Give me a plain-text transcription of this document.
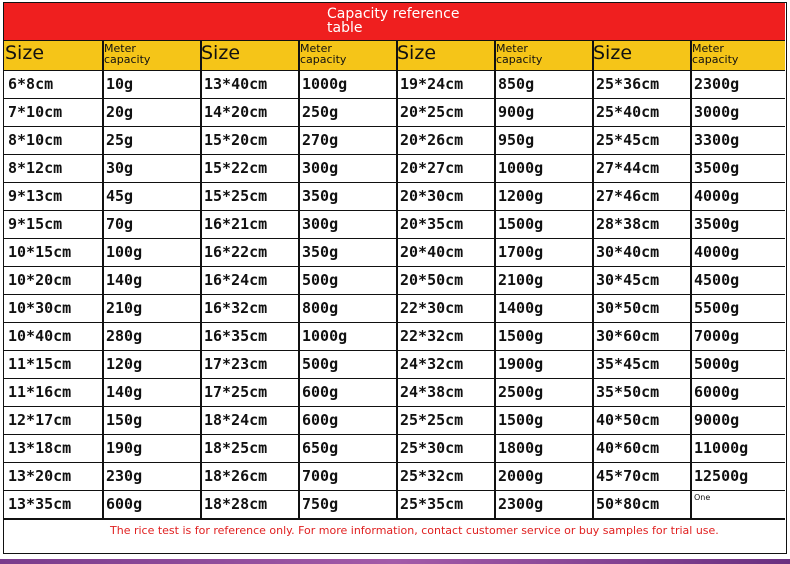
Capacity reference
table
Size	Meter
capacity	Size	Meter
capacity	Size	Meter
capacity	Size	Meter
capacity
6*8cm	10g	13*40cm 1000g	19*24cm 850g	25*36cm 2300g
7*10cm	20g	14*20cm 250g	20*25cm 900g	25*40cm 3000g
8*10cm	25g	15*20cm 270g	20*26cm 950g	25*45cm 3300g
8*12cm	30g	15*22cm 300g	20*27cm 1000g	27*44cm 3500g
9*13cm	45g	15*25cm 350g	20*30cm 1200g	27*46cm 4000g
9*15cm	70g	16*21cm 300g	20*35cm 1500g	28*38cm 3500g
10*15cm 100g	16*22cm 350g	20*40cm 1700g	30*40cm 4000g
10*20cm 140g	16*24cm 500g	20*50cm 2100g	30*45cm 4500g
10*30cm 210g	16*32cm 800g	22*30cm 1400g	30*50cm 5500g
10*40cm 280g	16*35cm 1000g	22*32cm 1500g	30*60cm 7000g
11*15cm 120g	17*23cm 500g	24*32cm 1900g	35*45cm 5000g
11*16cm 140g	17*25cm 600g	24*38cm 2500g	35*50cm 6000g
12*17cm 150g	18*24cm 600g	25*25cm 1500g	40*50cm 9000g
13*18cm 190g	18*25cm 650g	25*30cm 1800g	40*60cm 11000g
13*20cm 230g	18*26cm 700g	25*32cm 2000g	45*70cm 12500g
13*35cm 600g	18*28cm 750g	25*35cm 2300g	50*80cm	One
The rice test is for reference only. For more information, contact customer service or buy samples for trial use.
